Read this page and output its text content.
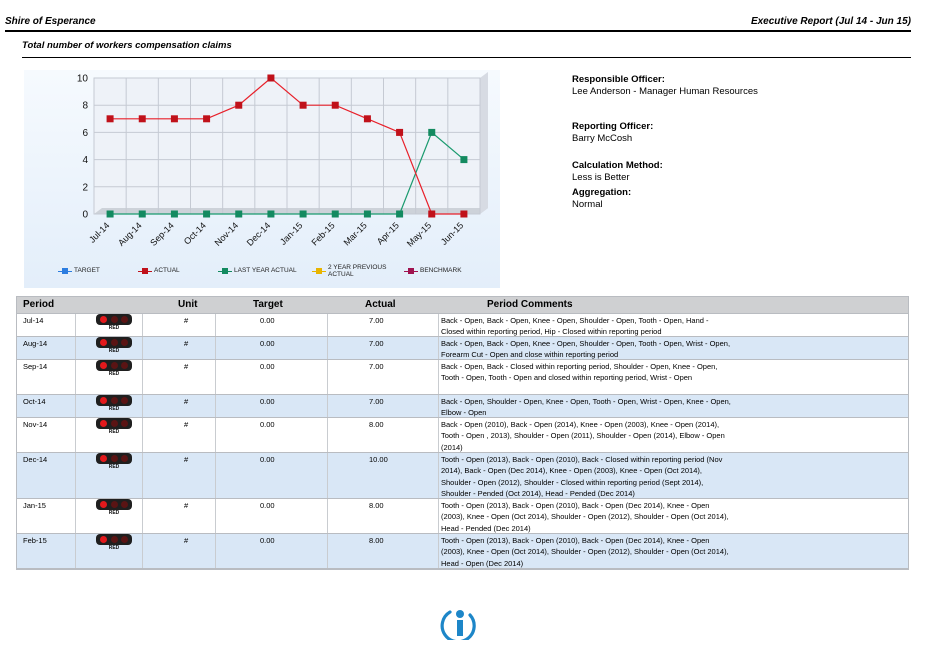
Shire of Esperance	Executive Report (Jul 14 - Jun 15)
Total number of workers compensation claims
0
2
4
6
8
10
Jul-14 Aug-14 Sep-14 Oct-14 Nov-14 Dec-14 Jan-15 Feb-15 Mar-15 Apr-15 May-15 Jun-15
TARGET	ACTUAL	LAST YEAR ACTUAL
2 YEAR PREVIOUS ACTUAL
BENCHMARK
Responsible Officer:
Lee Anderson - Manager Human Resources
Reporting Officer:
Barry McCosh
Calculation Method:
Less is Better
Aggregation:
Normal
Period	Unit	Target	Actual	Period Comments
Jul-14	#	0.00	7.00	Back - Open, Back - Open, Knee - Open, Shoulder - Open, Tooth - Open, Hand - Closed within reporting period, Hip - Closed within reporting period
RED
Aug-14	#	0.00	7.00	Back - Open, Back - Open, Knee - Open, Shoulder - Open, Tooth - Open, Wrist - Open, Forearm Cut - Open and close within reporting period
RED
Sep-14	#	0.00	7.00	Back - Open, Back - Closed within reporting period, Shoulder - Open, Knee - Open, Tooth - Open, Tooth - Open and closed within reporting period, Wrist - Open
RED
Oct-14	#	0.00	7.00	Back - Open, Shoulder - Open, Knee - Open, Tooth - Open, Wrist - Open, Knee - Open, Elbow - Open
RED
Nov-14	#	0.00	8.00	Back - Open (2010), Back - Open (2014), Knee - Open (2003), Knee - Open (2014), Tooth - Open , 2013), Shoulder - Open (2011), Shoulder - Open (2014), Elbow - Open (2014)
RED
Dec-14	#	0.00	10.00	Tooth - Open (2013), Back - Open (2010), Back - Closed within reporting period (Nov 2014), Back - Open (Dec 2014), Knee - Open (2003), Knee - Open (Oct 2014), Shoulder - Open (2012), Shoulder - Closed within reporting period (Sept 2014), Shoulder - Pended (Oct 2014), Head - Pended (Dec 2014)
RED
Jan-15	#	0.00	8.00	Tooth - Open (2013), Back - Open (2010), Back - Open (Dec 2014), Knee - Open (2003), Knee - Open (Oct 2014), Shoulder - Open (2012), Shoulder - Open (Oct 2014), Head - Pended (Dec 2014)
RED
Feb-15	#	0.00	8.00	Tooth - Open (2013), Back - Open (2010), Back - Open (Dec 2014), Knee - Open (2003), Knee - Open (Oct 2014), Shoulder - Open (2012), Shoulder - Open (Oct 2014), Head - Open (Dec 2014)
RED
